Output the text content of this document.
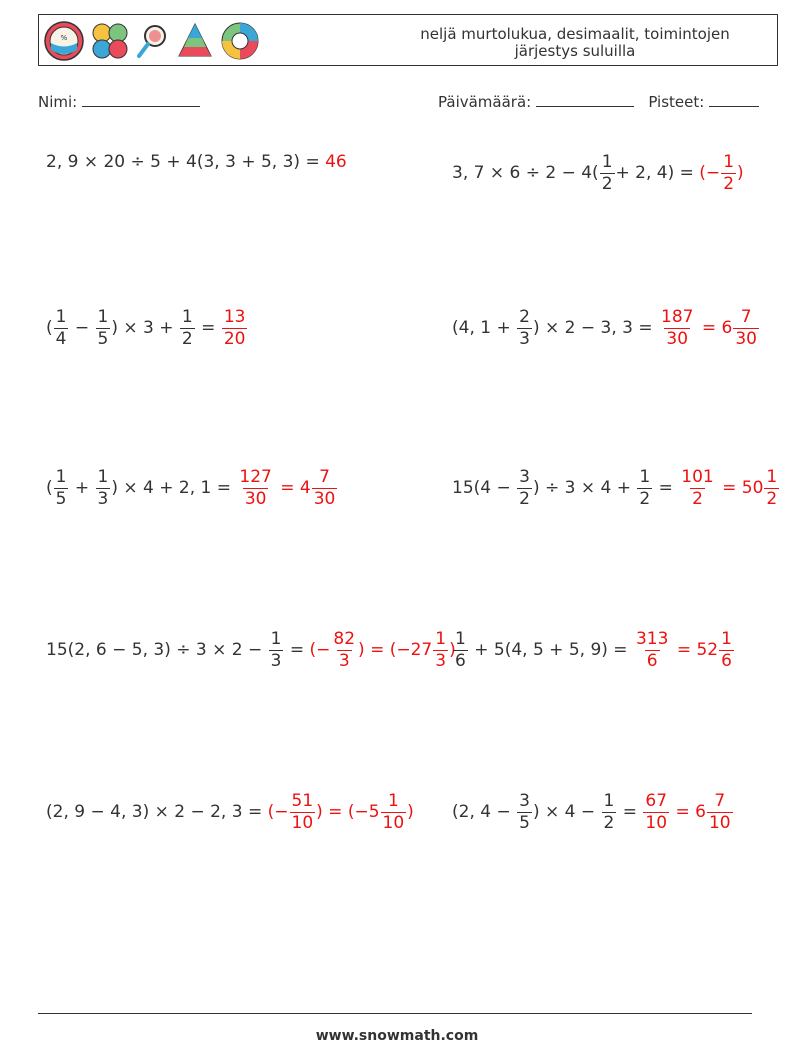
%	neljä murtolukua, desimaalit, toimintojen
järjestys suluilla
Nimi:	Päivämäärä:	Pisteet:
2, 9 × 20 ÷ 5 + 4(3, 3 + 5, 3) =
46
3, $7 \times 6 \div 2 - 4( \frac{1}{2} + 2$, 4) =
(− $\frac{1}{2}$ )
( $\frac{1}{4}$
−
$\frac{1}{5}$ ) × 3 +
$\frac{1}{2}$
=
$\frac{13}{20}$	(4, 1 +
$\frac{2}{3}$ ) × 2 − 3, 3 =
$\frac{187}{30}$
= $6 \frac{7}{30}$
( $\frac{1}{5}$
+
$\frac{1}{3}$ ) × 4 + 2, 1 =
$\frac{127}{30}$
= $4 \frac{7}{30}$	15(4 −
$\frac{3}{2}$ ) ÷ 3 × 4 +
$\frac{1}{2}$
=
$\frac{101}{2}$
= $50 \frac{1}{2}$
15(2, 6 − 5, 3) ÷ 3 × 2 −
$\frac{1}{3}$
=
(− $\frac{82}{3}$ ) = ($-27 \frac{1}{3}$ )
$\frac{1}{6}$
+ 5(4, 5 + 5, 9) =
$\frac{313}{6}$
= $52 \frac{1}{6}$
(2, 9 − 4, 3) × 2 − 2, 3 =
(− $\frac{51}{10}$ ) = ($-5 \frac{1}{10}$ ) (2, 4 −
$\frac{3}{5}$ ) × 4 −
$\frac{1}{2}$
=
$\frac{67}{10}$
= $6 \frac{7}{10}$
www.snowmath.com
